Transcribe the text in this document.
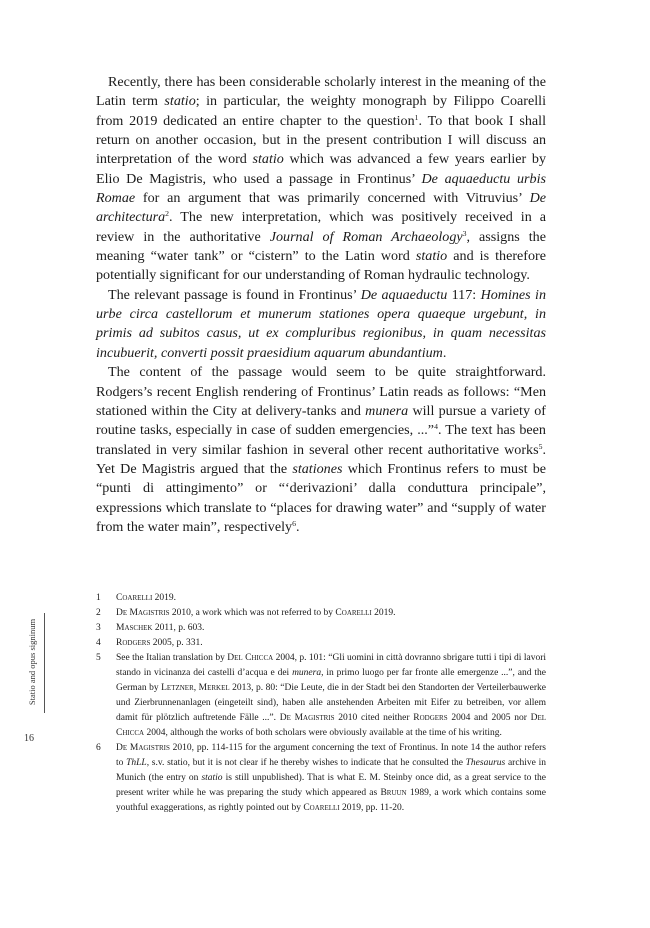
Recently, there has been considerable scholarly interest in the meaning of the Latin term statio; in particular, the weighty monograph by Filippo Coarelli from 2019 dedicated an entire chapter to the question$^1$. To that book I shall return on another occasion, but in the present contribution I will discuss an interpretation of the word statio which was advanced a few years earlier by Elio De Magistris, who used a passage in Frontinus’ De aquaeductu urbis Romae for an argument that was primarily concerned with Vitruvius’ De architectura$^2$. The new interpretation, which was positively received in a review in the authoritative Journal of Roman Archaeology$^3$, assigns the meaning “water tank” or “cistern” to the Latin word statio and is therefore potentially significant for our understanding of Roman hydraulic technology.

The relevant passage is found in Frontinus’ De aquaeductu 117: Homines in urbe circa castellorum et munerum stationes opera quaeque urgebunt, in primis ad subitos casus, ut ex compluribus regionibus, in quam necessitas incubuerit, converti possit praesidium aquarum abundantium.

The content of the passage would seem to be quite straightforward. Rodgers’s recent English rendering of Frontinus’ Latin reads as follows: “Men stationed within the City at delivery-tanks and munera will pursue a variety of routine tasks, especially in case of sudden emergencies, ...”$^4$. The text has been translated in very similar fashion in several other recent authoritative works$^5$. Yet De Magistris argued that the stationes which Frontinus refers to must be “punti di attingimento” or “‘derivazioni’ dalla conduttura principale”, expressions which translate to “places for drawing water” and “supply of water from the water main”, respectively$^6$.

1	Coarelli 2019.
2	De Magistris 2010, a work which was not referred to by Coarelli 2019.
3	Maschek 2011, p. 603.
4	Rodgers 2005, p. 331.
5	See the Italian translation by Del Chicca 2004, p. 101: “Gli uomini in città dovranno sbrigare tutti i tipi di lavori stando in vicinanza dei castelli d’acqua e dei munera, in primo luogo per far fronte alle emergenze ...”, and the German by Letzner, Merkel 2013, p. 80: “Die Leute, die in der Stadt bei den Standorten der Verteilerbauwerke und Zierbrunnenanlagen (eingeteilt sind), haben alle anstehenden Arbeiten mit Eifer zu betreiben, vor allem damit für plötzlich auftretende Fälle ...”. De Magistris 2010 cited neither Rodgers 2004 and 2005 nor Del Chicca 2004, although the works of both scholars were obviously available at the time of his writing.
6	De Magistris 2010, pp. 114-115 for the argument concerning the text of Frontinus. In note 14 the author refers to ThLL, s.v. statio, but it is not clear if he thereby wishes to indicate that he consulted the Thesaurus archive in Munich (the entry on statio is still unpublished). That is what E. M. Steinby once did, as a great service to the present writer while he was preparing the study which appeared as Bruun 1989, a work which contains some youthful exaggerations, as rightly pointed out by Coarelli 2019, pp. 11-20.
Statio and opus signinum
16
